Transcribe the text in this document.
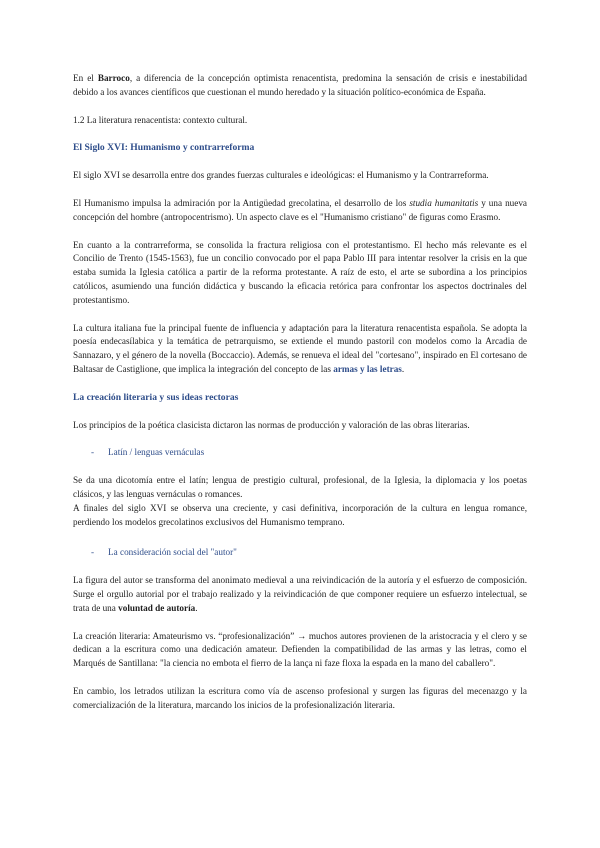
En el Barroco, a diferencia de la concepción optimista renacentista, predomina la sensación de crisis e inestabilidad debido a los avances científicos que cuestionan el mundo heredado y la situación político-económica de España.

1.2 La literatura renacentista: contexto cultural.

El Siglo XVI: Humanismo y contrarreforma

El siglo XVI se desarrolla entre dos grandes fuerzas culturales e ideológicas: el Humanismo y la Contrarreforma.

El Humanismo impulsa la admiración por la Antigüedad grecolatina, el desarrollo de los studia humanitatis y una nueva concepción del hombre (antropocentrismo). Un aspecto clave es el "Humanismo cristiano" de figuras como Erasmo.

En cuanto a la contrarreforma, se consolida la fractura religiosa con el protestantismo. El hecho más relevante es el Concilio de Trento (1545-1563), fue un concilio convocado por el papa Pablo III para intentar resolver la crisis en la que estaba sumida la Iglesia católica a partir de la reforma protestante. A raíz de esto, el arte se subordina a los principios católicos, asumiendo una función didáctica y buscando la eficacia retórica para confrontar los aspectos doctrinales del protestantismo.

La cultura italiana fue la principal fuente de influencia y adaptación para la literatura renacentista española. Se adopta la poesía endecasílabica y la temática de petrarquismo, se extiende el mundo pastoril con modelos como la Arcadia de Sannazaro, y el género de la novella (Boccaccio). Además, se renueva el ideal del "cortesano", inspirado en El cortesano de Baltasar de Castiglione, que implica la integración del concepto de las armas y las letras.

La creación literaria y sus ideas rectoras

Los principios de la poética clasicista dictaron las normas de producción y valoración de las obras literarias.

-	Latín / lenguas vernáculas

Se da una dicotomía entre el latín; lengua de prestigio cultural, profesional, de la Iglesia, la diplomacia y los poetas clásicos, y las lenguas vernáculas o romances.

A finales del siglo XVI se observa una creciente, y casi definitiva, incorporación de la cultura en lengua romance, perdiendo los modelos grecolatinos exclusivos del Humanismo temprano.

-	La consideración social del "autor"

La figura del autor se transforma del anonimato medieval a una reivindicación de la autoría y el esfuerzo de composición. Surge el orgullo autorial por el trabajo realizado y la reivindicación de que componer requiere un esfuerzo intelectual, se trata de una voluntad de autoría.

La creación literaria: Amateurismo vs. “profesionalización” → muchos autores provienen de la aristocracia y el clero y se dedican a la escritura como una dedicación amateur. Defienden la compatibilidad de las armas y las letras, como el Marqués de Santillana: "la ciencia no embota el fierro de la lança ni faze floxa la espada en la mano del caballero".

En cambio, los letrados utilizan la escritura como vía de ascenso profesional y surgen las figuras del mecenazgo y la comercialización de la literatura, marcando los inicios de la profesionalización literaria.
